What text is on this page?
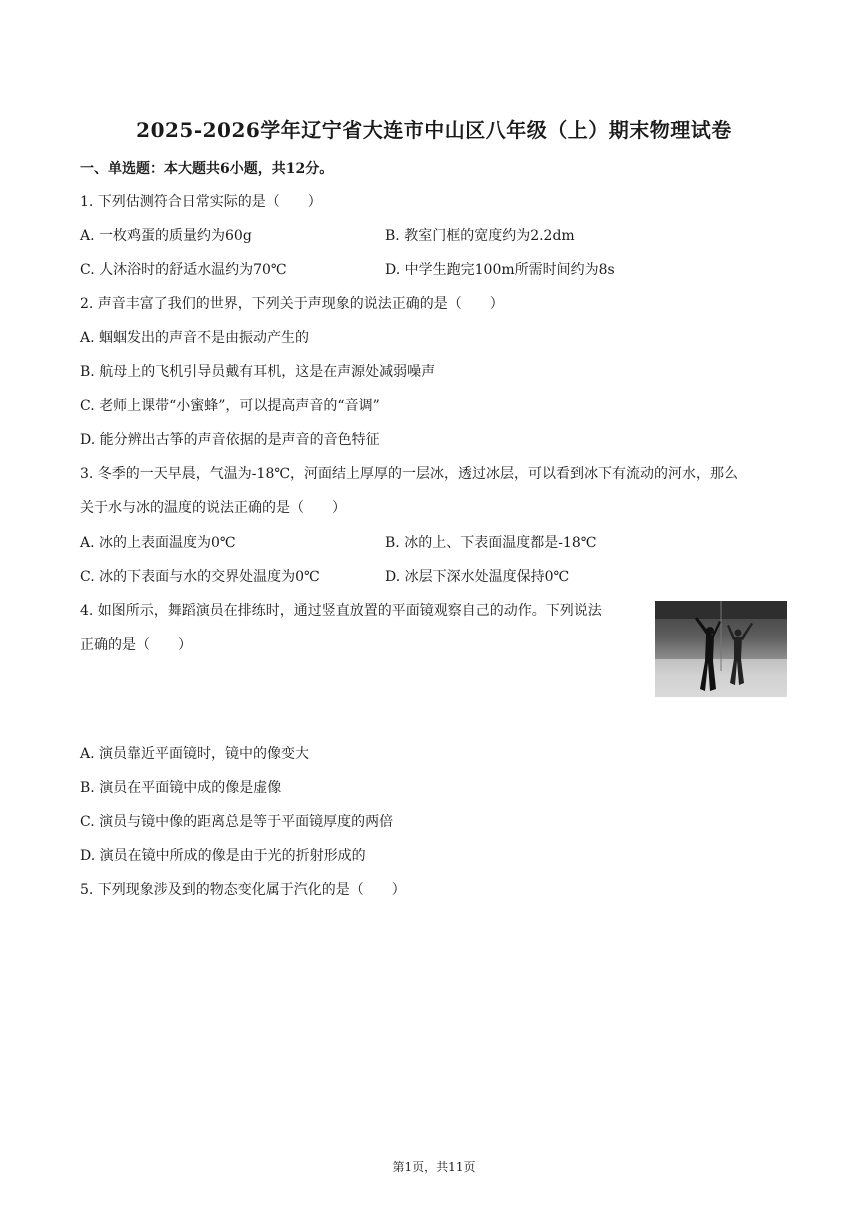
2025-2026学年辽宁省大连市中山区八年级（上）期末物理试卷
一、单选题：本大题共6小题，共12分。
1. 下列估测符合日常实际的是（　　）
A. 一枚鸡蛋的质量约为60g	B. 教室门框的宽度约为2.2dm
C. 人沐浴时的舒适水温约为70℃	D. 中学生跑完100m所需时间约为8s
2. 声音丰富了我们的世界，下列关于声现象的说法正确的是（　　）
A. 蝈蝈发出的声音不是由振动产生的
B. 航母上的飞机引导员戴有耳机，这是在声源处减弱噪声
C. 老师上课带“小蜜蜂”，可以提高声音的“音调”
D. 能分辨出古筝的声音依据的是声音的音色特征
3. 冬季的一天早晨，气温为-18℃，河面结上厚厚的一层冰，透过冰层，可以看到冰下有流动的河水，那么
关于水与冰的温度的说法正确的是（　　）
A. 冰的上表面温度为0℃	B. 冰的上、下表面温度都是-18℃
C. 冰的下表面与水的交界处温度为0℃	D. 冰层下深水处温度保持0℃
4. 如图所示，舞蹈演员在排练时，通过竖直放置的平面镜观察自己的动作。下列说法
正确的是（　　）
A. 演员靠近平面镜时，镜中的像变大
B. 演员在平面镜中成的像是虚像
C. 演员与镜中像的距离总是等于平面镜厚度的两倍
D. 演员在镜中所成的像是由于光的折射形成的
5. 下列现象涉及到的物态变化属于汽化的是（　　）
第1页，共11页
